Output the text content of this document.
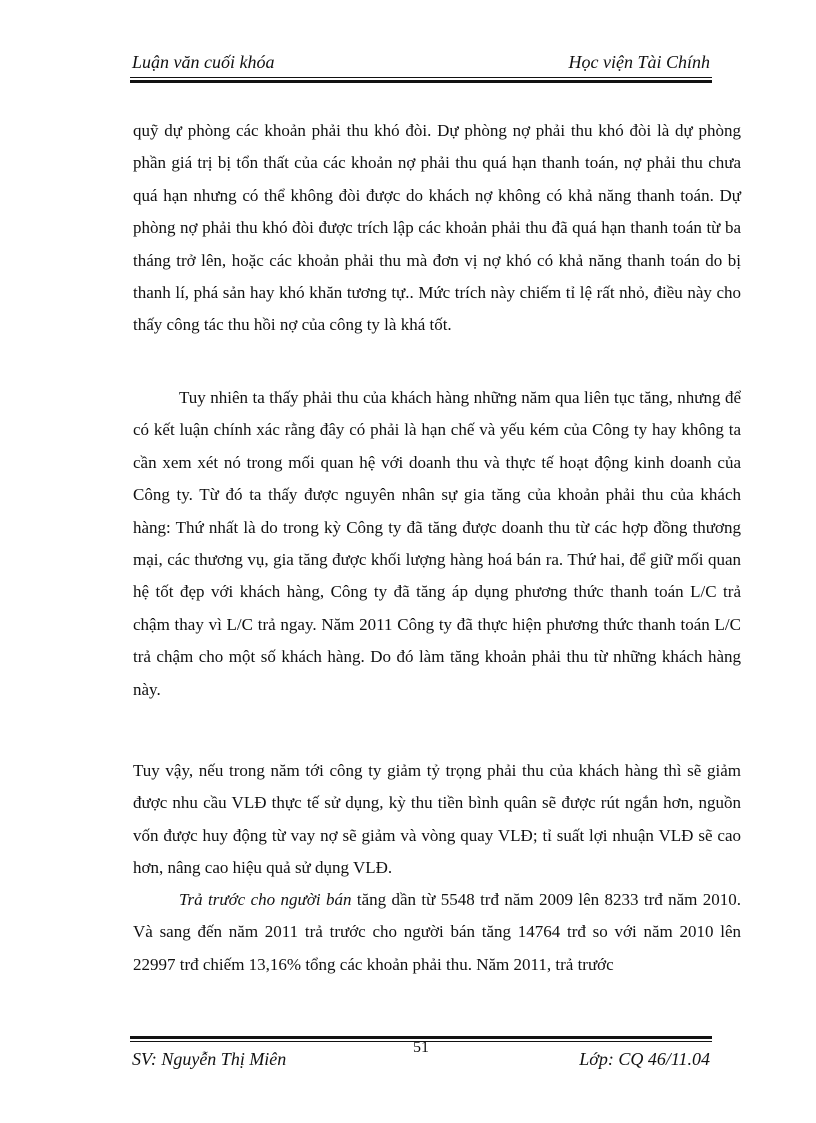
Luận văn cuối khóa	Học viện Tài Chính

quỹ dự phòng các khoản phải thu khó đòi. Dự phòng nợ phải thu khó đòi là dự phòng phần giá trị bị tổn thất của các khoản nợ phải thu quá hạn thanh toán, nợ phải thu chưa quá hạn nhưng có thể không đòi được do khách nợ không có khả năng thanh toán. Dự phòng nợ phải thu khó đòi được trích lập các khoản phải thu đã quá hạn thanh toán từ ba tháng trở lên, hoặc các khoản phải thu mà đơn vị nợ khó có khả năng thanh toán do bị thanh lí, phá sản hay khó khăn tương tự.. Mức trích này chiếm tỉ lệ rất nhỏ, điều này cho thấy công tác thu hồi nợ của công ty là khá tốt.

Tuy nhiên ta thấy phải thu của khách hàng những năm qua liên tục tăng, nhưng để có kết luận chính xác rằng đây có phải là hạn chế và yếu kém của Công ty hay không ta cần xem xét nó trong mối quan hệ với doanh thu và thực tế hoạt động kinh doanh của Công ty. Từ đó ta thấy được nguyên nhân sự gia tăng của khoản phải thu của khách hàng: Thứ nhất là do trong kỳ Công ty đã tăng được doanh thu từ các hợp đồng thương mại, các thương vụ, gia tăng được khối lượng hàng hoá bán ra. Thứ hai, để giữ mối quan hệ tốt đẹp với khách hàng, Công ty đã tăng áp dụng phương thức thanh toán L/C trả chậm thay vì L/C trả ngay. Năm 2011 Công ty đã thực hiện phương thức thanh toán L/C trả chậm cho một số khách hàng. Do đó làm tăng khoản phải thu từ những khách hàng này.

Tuy vậy, nếu trong năm tới công ty giảm tỷ trọng phải thu của khách hàng thì sẽ giảm được nhu cầu VLĐ thực tế sử dụng, kỳ thu tiền bình quân sẽ được rút ngắn hơn, nguồn vốn được huy động từ vay nợ sẽ giảm và vòng quay VLĐ; tỉ suất lợi nhuận VLĐ sẽ cao hơn, nâng cao hiệu quả sử dụng VLĐ.

Trả trước cho người bán tăng dần từ 5548 trđ năm 2009 lên 8233 trđ năm 2010. Và sang đến năm 2011 trả trước cho người bán tăng 14764 trđ so với năm 2010 lên 22997 trđ chiếm 13,16% tổng các khoản phải thu. Năm 2011, trả trước

SV: Nguyễn Thị Miên
51
Lớp: CQ 46/11.04
